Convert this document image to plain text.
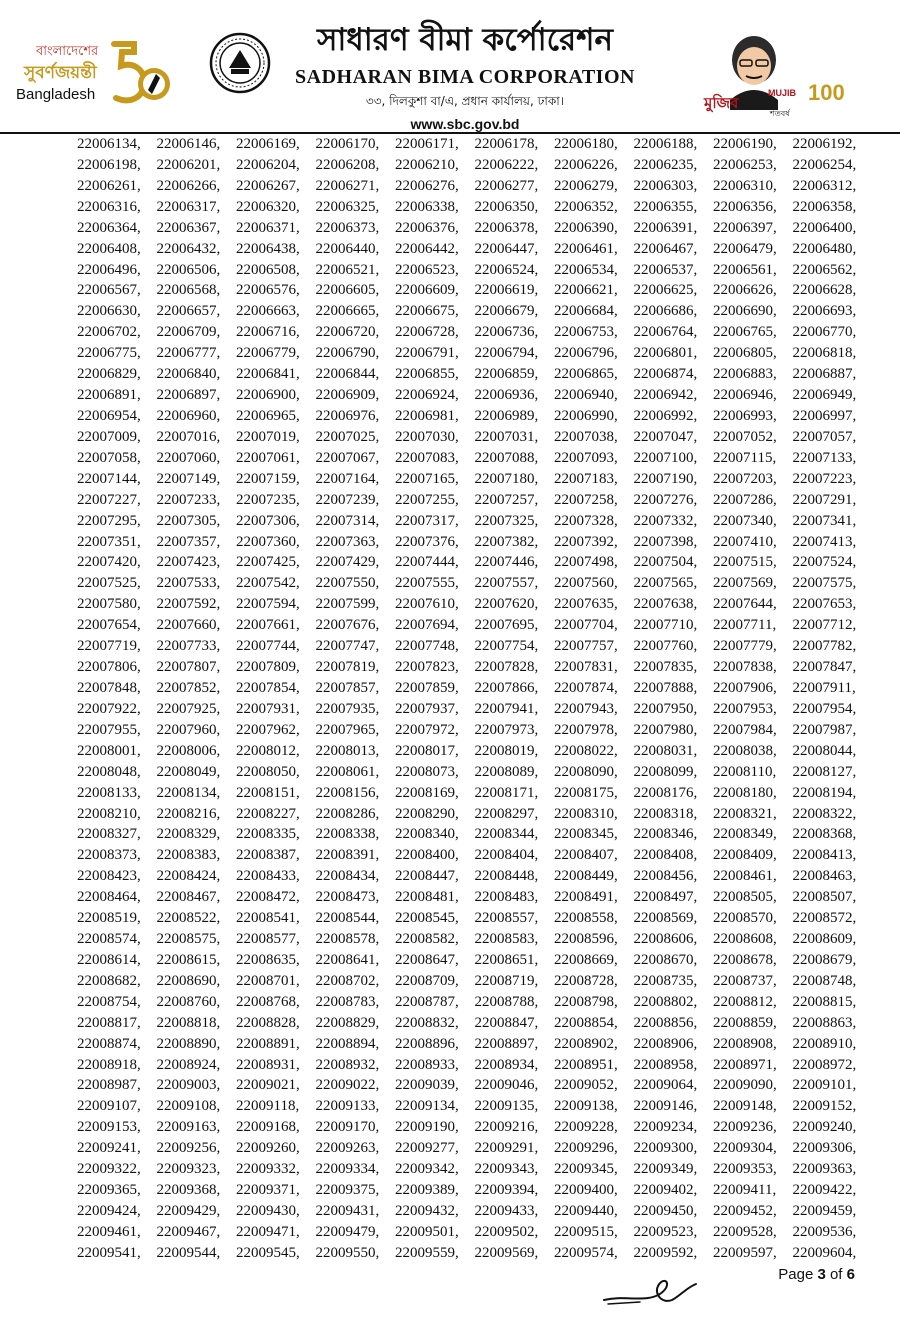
বাংলাদেশের
সুবর্ণজয়ন্তী
Bangladesh	5
সাধারণ বীমা কর্পোরেশন
SADHARAN BIMA CORPORATION
৩৩, দিলকুশা বা/এ, প্রধান কার্যালয়, ঢাকা।
www.sbc.gov.bd
মুজিব
MUJIB 100
শতবর্ষ
22006134,	22006146,	22006169,	22006170,	22006171,	22006178,	22006180,	22006188,	22006190,	22006192,
22006198,	22006201,	22006204,	22006208,	22006210,	22006222,	22006226,	22006235,	22006253,	22006254,
22006261,	22006266,	22006267,	22006271,	22006276,	22006277,	22006279,	22006303,	22006310,	22006312,
22006316,	22006317,	22006320,	22006325,	22006338,	22006350,	22006352,	22006355,	22006356,	22006358,
22006364,	22006367,	22006371,	22006373,	22006376,	22006378,	22006390,	22006391,	22006397,	22006400,
22006408,	22006432,	22006438,	22006440,	22006442,	22006447,	22006461,	22006467,	22006479,	22006480,
22006496,	22006506,	22006508,	22006521,	22006523,	22006524,	22006534,	22006537,	22006561,	22006562,
22006567,	22006568,	22006576,	22006605,	22006609,	22006619,	22006621,	22006625,	22006626,	22006628,
22006630,	22006657,	22006663,	22006665,	22006675,	22006679,	22006684,	22006686,	22006690,	22006693,
22006702,	22006709,	22006716,	22006720,	22006728,	22006736,	22006753,	22006764,	22006765,	22006770,
22006775,	22006777,	22006779,	22006790,	22006791,	22006794,	22006796,	22006801,	22006805,	22006818,
22006829,	22006840,	22006841,	22006844,	22006855,	22006859,	22006865,	22006874,	22006883,	22006887,
22006891,	22006897,	22006900,	22006909,	22006924,	22006936,	22006940,	22006942,	22006946,	22006949,
22006954,	22006960,	22006965,	22006976,	22006981,	22006989,	22006990,	22006992,	22006993,	22006997,
22007009,	22007016,	22007019,	22007025,	22007030,	22007031,	22007038,	22007047,	22007052,	22007057,
22007058,	22007060,	22007061,	22007067,	22007083,	22007088,	22007093,	22007100,	22007115,	22007133,
22007144,	22007149,	22007159,	22007164,	22007165,	22007180,	22007183,	22007190,	22007203,	22007223,
22007227,	22007233,	22007235,	22007239,	22007255,	22007257,	22007258,	22007276,	22007286,	22007291,
22007295,	22007305,	22007306,	22007314,	22007317,	22007325,	22007328,	22007332,	22007340,	22007341,
22007351,	22007357,	22007360,	22007363,	22007376,	22007382,	22007392,	22007398,	22007410,	22007413,
22007420,	22007423,	22007425,	22007429,	22007444,	22007446,	22007498,	22007504,	22007515,	22007524,
22007525,	22007533,	22007542,	22007550,	22007555,	22007557,	22007560,	22007565,	22007569,	22007575,
22007580,	22007592,	22007594,	22007599,	22007610,	22007620,	22007635,	22007638,	22007644,	22007653,
22007654,	22007660,	22007661,	22007676,	22007694,	22007695,	22007704,	22007710,	22007711,	22007712,
22007719,	22007733,	22007744,	22007747,	22007748,	22007754,	22007757,	22007760,	22007779,	22007782,
22007806,	22007807,	22007809,	22007819,	22007823,	22007828,	22007831,	22007835,	22007838,	22007847,
22007848,	22007852,	22007854,	22007857,	22007859,	22007866,	22007874,	22007888,	22007906,	22007911,
22007922,	22007925,	22007931,	22007935,	22007937,	22007941,	22007943,	22007950,	22007953,	22007954,
22007955,	22007960,	22007962,	22007965,	22007972,	22007973,	22007978,	22007980,	22007984,	22007987,
22008001,	22008006,	22008012,	22008013,	22008017,	22008019,	22008022,	22008031,	22008038,	22008044,
22008048,	22008049,	22008050,	22008061,	22008073,	22008089,	22008090,	22008099,	22008110,	22008127,
22008133,	22008134,	22008151,	22008156,	22008169,	22008171,	22008175,	22008176,	22008180,	22008194,
22008210,	22008216,	22008227,	22008286,	22008290,	22008297,	22008310,	22008318,	22008321,	22008322,
22008327,	22008329,	22008335,	22008338,	22008340,	22008344,	22008345,	22008346,	22008349,	22008368,
22008373,	22008383,	22008387,	22008391,	22008400,	22008404,	22008407,	22008408,	22008409,	22008413,
22008423,	22008424,	22008433,	22008434,	22008447,	22008448,	22008449,	22008456,	22008461,	22008463,
22008464,	22008467,	22008472,	22008473,	22008481,	22008483,	22008491,	22008497,	22008505,	22008507,
22008519,	22008522,	22008541,	22008544,	22008545,	22008557,	22008558,	22008569,	22008570,	22008572,
22008574,	22008575,	22008577,	22008578,	22008582,	22008583,	22008596,	22008606,	22008608,	22008609,
22008614,	22008615,	22008635,	22008641,	22008647,	22008651,	22008669,	22008670,	22008678,	22008679,
22008682,	22008690,	22008701,	22008702,	22008709,	22008719,	22008728,	22008735,	22008737,	22008748,
22008754,	22008760,	22008768,	22008783,	22008787,	22008788,	22008798,	22008802,	22008812,	22008815,
22008817,	22008818,	22008828,	22008829,	22008832,	22008847,	22008854,	22008856,	22008859,	22008863,
22008874,	22008890,	22008891,	22008894,	22008896,	22008897,	22008902,	22008906,	22008908,	22008910,
22008918,	22008924,	22008931,	22008932,	22008933,	22008934,	22008951,	22008958,	22008971,	22008972,
22008987,	22009003,	22009021,	22009022,	22009039,	22009046,	22009052,	22009064,	22009090,	22009101,
22009107,	22009108,	22009118,	22009133,	22009134,	22009135,	22009138,	22009146,	22009148,	22009152,
22009153,	22009163,	22009168,	22009170,	22009190,	22009216,	22009228,	22009234,	22009236,	22009240,
22009241,	22009256,	22009260,	22009263,	22009277,	22009291,	22009296,	22009300,	22009304,	22009306,
22009322,	22009323,	22009332,	22009334,	22009342,	22009343,	22009345,	22009349,	22009353,	22009363,
22009365,	22009368,	22009371,	22009375,	22009389,	22009394,	22009400,	22009402,	22009411,	22009422,
22009424,	22009429,	22009430,	22009431,	22009432,	22009433,	22009440,	22009450,	22009452,	22009459,
22009461,	22009467,	22009471,	22009479,	22009501,	22009502,	22009515,	22009523,	22009528,	22009536,
22009541,	22009544,	22009545,	22009550,	22009559,	22009569,	22009574,	22009592,	22009597,	22009604,
Page 3 of 6
